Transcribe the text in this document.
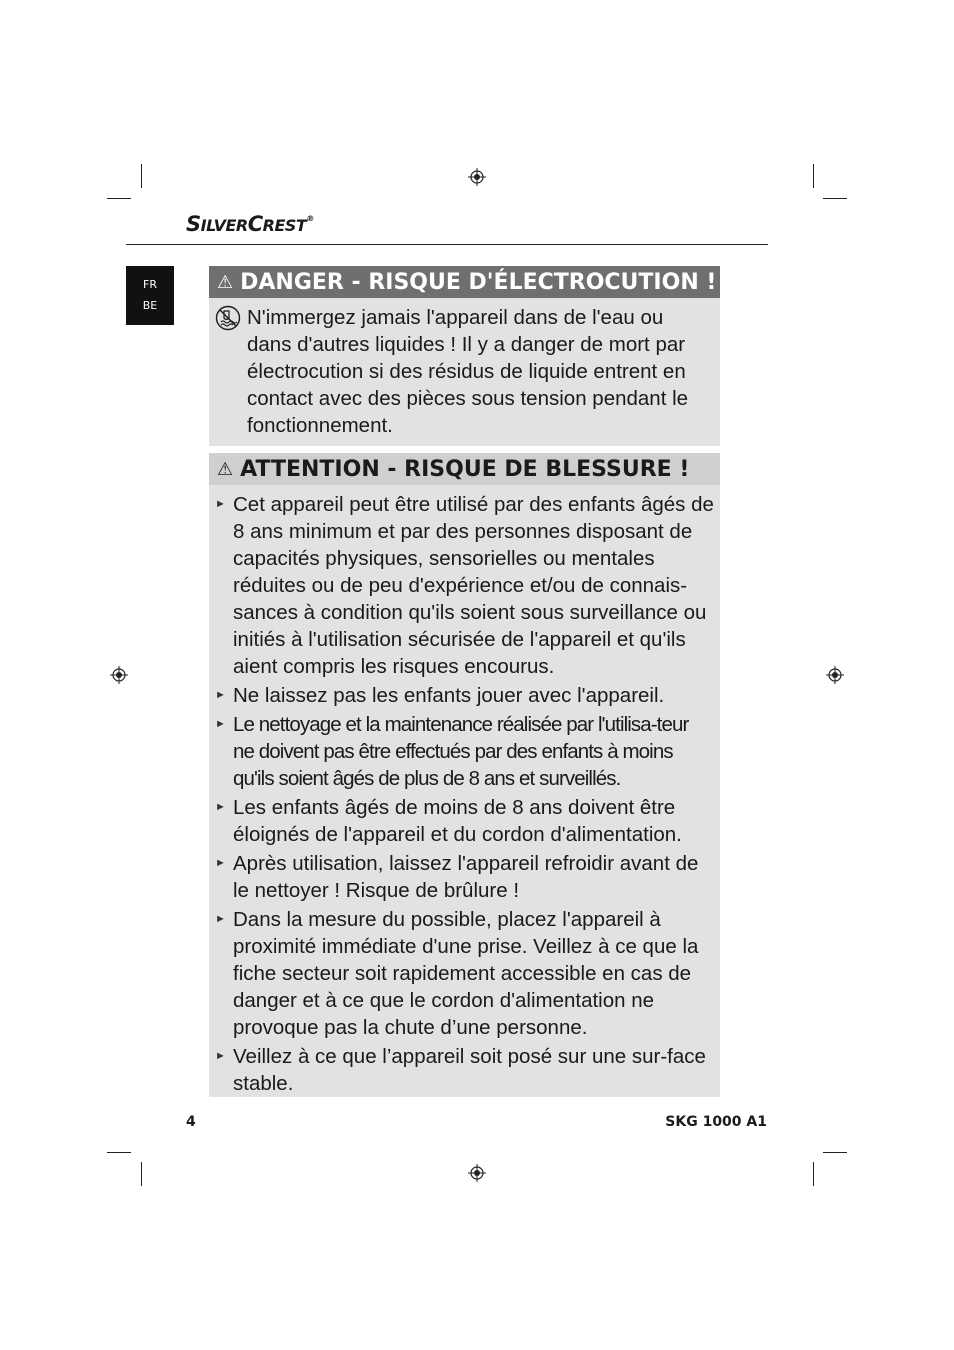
SILVERCREST®
FR
BE
⚠ DANGER - RISQUE D'ÉLECTROCUTION !

N'immergez jamais l'appareil dans de l'eau ou dans d'autres liquides ! Il y a danger de mort par électrocution si des résidus de liquide entrent en contact avec des pièces sous tension pendant le fonctionnement.

⚠ ATTENTION - RISQUE DE BLESSURE !
► Cet appareil peut être utilisé par des enfants âgés de 8 ans minimum et par des personnes disposant de capacités physiques, sensorielles ou mentales réduites ou de peu d'expérience et/ou de connais-sances à condition qu'ils soient sous surveillance ou initiés à l'utilisation sécurisée de l'appareil et qu'ils aient compris les risques encourus.
► Ne laissez pas les enfants jouer avec l'appareil.
► Le nettoyage et la maintenance réalisée par l'utilisa-teur ne doivent pas être effectués par des enfants à moins qu'ils soient âgés de plus de 8 ans et surveillés.
► Les enfants âgés de moins de 8 ans doivent être éloignés de l'appareil et du cordon d'alimentation.
► Après utilisation, laissez l'appareil refroidir avant de le nettoyer ! Risque de brûlure !
► Dans la mesure du possible, placez l'appareil à proximité immédiate d'une prise. Veillez à ce que la fiche secteur soit rapidement accessible en cas de danger et à ce que le cordon d'alimentation ne provoque pas la chute d’une personne.
► Veillez à ce que l’appareil soit posé sur une sur-face stable.
4	SKG 1000 A1
